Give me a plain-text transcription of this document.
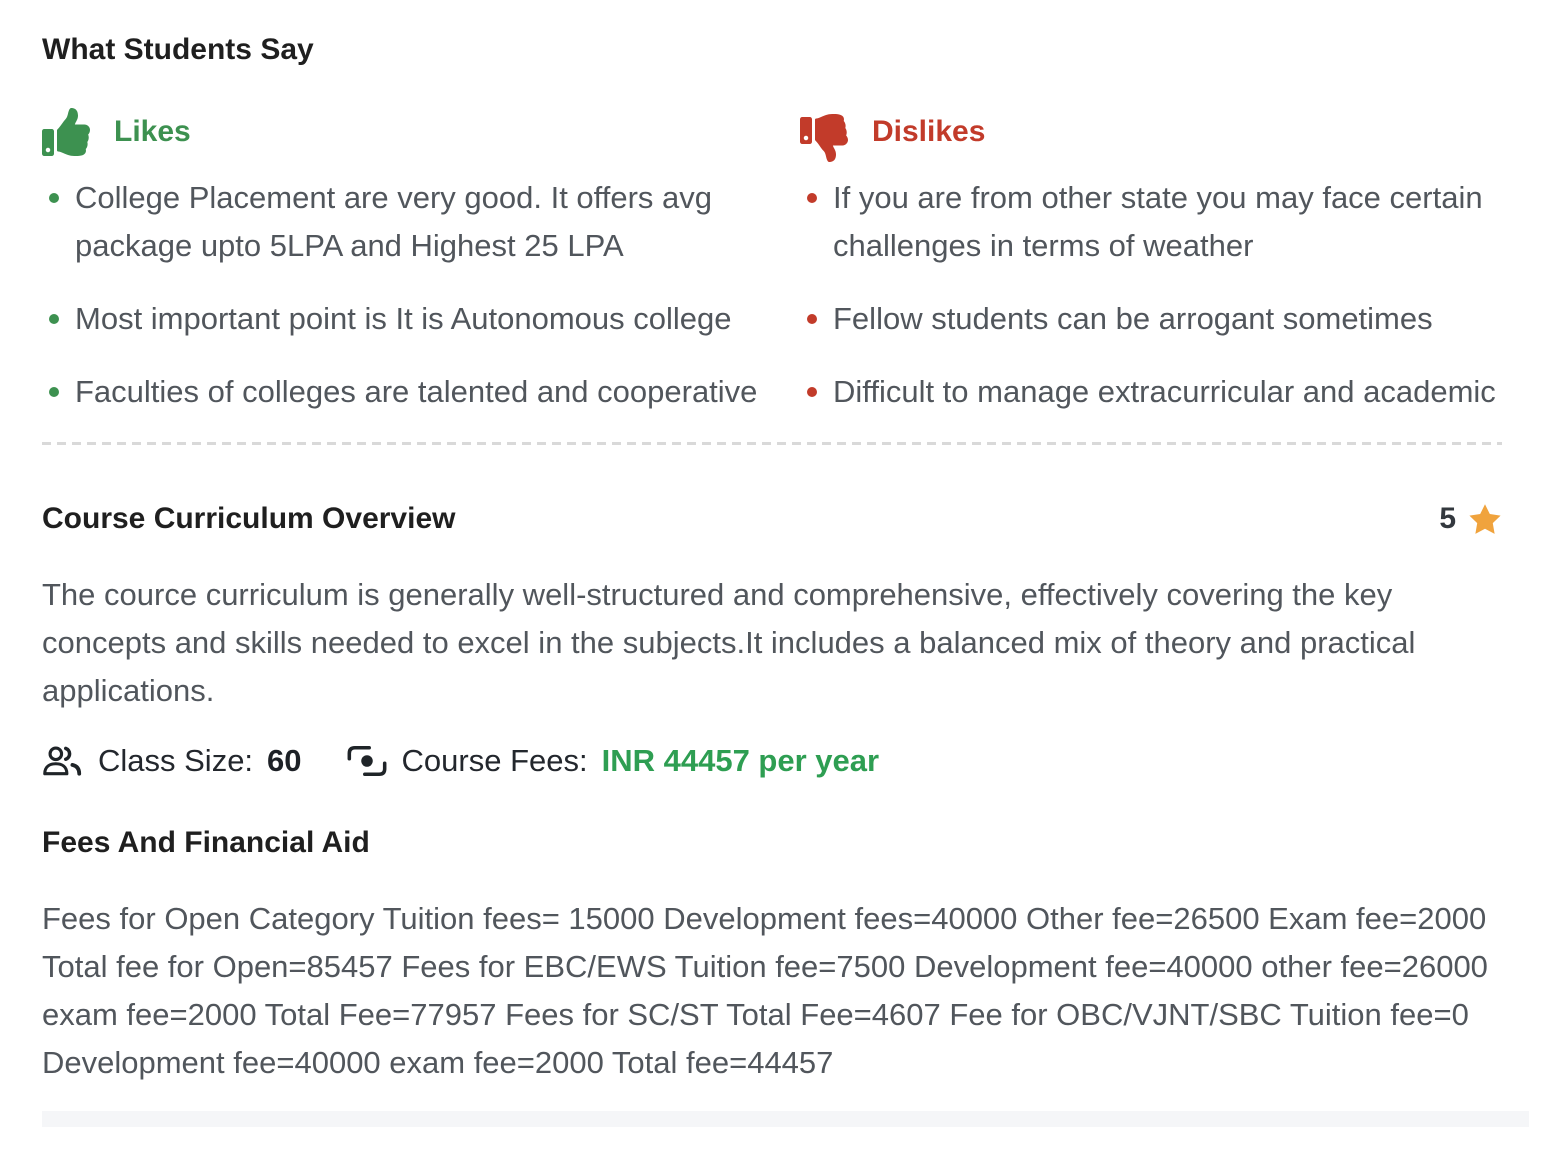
What Students Say
Likes
College Placement are very good. It offers avg package upto 5LPA and Highest 25 LPA
Most important point is It is Autonomous college
Faculties of colleges are talented and cooperative
Dislikes
If you are from other state you may face certain challenges in terms of weather
Fellow students can be arrogant sometimes
Difficult to manage extracurricular and academic
Course Curriculum Overview	5

The cource curriculum is generally well-structured and comprehensive, effectively covering the key concepts and skills needed to excel in the subjects.It includes a balanced mix of theory and practical applications.

Class Size: 60	Course Fees: INR 44457 per year
Fees And Financial Aid

Fees for Open Category Tuition fees= 15000 Development fees=40000 Other fee=26500 Exam fee=2000 Total fee for Open=85457 Fees for EBC/EWS Tuition fee=7500 Development fee=40000 other fee=26000 exam fee=2000 Total Fee=77957 Fees for SC/ST Total Fee=4607 Fee for OBC/VJNT/SBC Tuition fee=0 Development fee=40000 exam fee=2000 Total fee=44457
